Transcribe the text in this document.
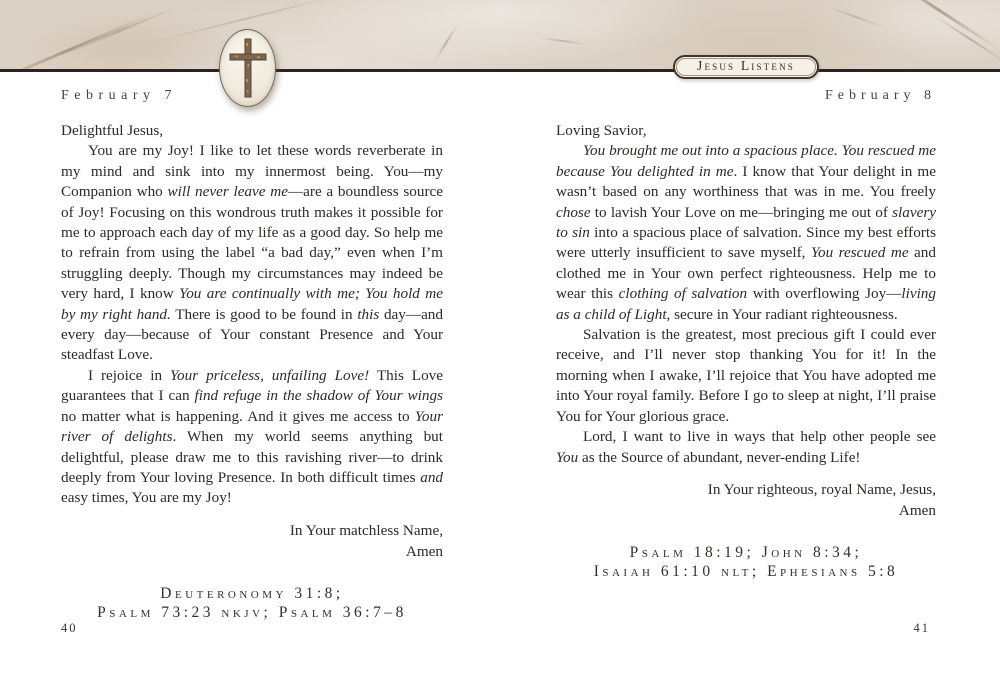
Jesus Listens
February 7

Delightful Jesus,

You are my Joy! I like to let these words reverberate in my mind and sink into my innermost being. You—my Companion who will never leave me—are a boundless source of Joy! Focusing on this wondrous truth makes it possible for me to approach each day of my life as a good day. So help me to refrain from using the label “a bad day,” even when I’m struggling deeply. Though my circumstances may indeed be very hard, I know You are continually with me; You hold me by my right hand. There is good to be found in this day—and every day—because of Your constant Presence and Your steadfast Love.

I rejoice in Your priceless, unfailing Love! This Love guarantees that I can find refuge in the shadow of Your wings no matter what is happening. And it gives me access to Your river of delights. When my world seems anything but delightful, please draw me to this ravishing river—to drink deeply from Your loving Presence. In both difficult times and easy times, You are my Joy!

In Your matchless Name,
Amen
Deuteronomy 31:8;
Psalm 73:23 nkjv; Psalm 36:7–8
40
February 8

Loving Savior,

You brought me out into a spacious place. You rescued me because You delighted in me. I know that Your delight in me wasn’t based on any worthiness that was in me. You freely chose to lavish Your Love on me—bringing me out of slavery to sin into a spacious place of salvation. Since my best efforts were utterly insufficient to save myself, You rescued me and clothed me in Your own perfect righteousness. Help me to wear this clothing of salvation with overflowing Joy—living as a child of Light, secure in Your radiant righteousness.

Salvation is the greatest, most precious gift I could ever receive, and I’ll never stop thanking You for it! In the morning when I awake, I’ll rejoice that You have adopted me into Your royal family. Before I go to sleep at night, I’ll praise You for Your glorious grace.

Lord, I want to live in ways that help other people see You as the Source of abundant, never-ending Life!

In Your righteous, royal Name, Jesus,
Amen
Psalm 18:19; John 8:34;
Isaiah 61:10 nlt; Ephesians 5:8
41
